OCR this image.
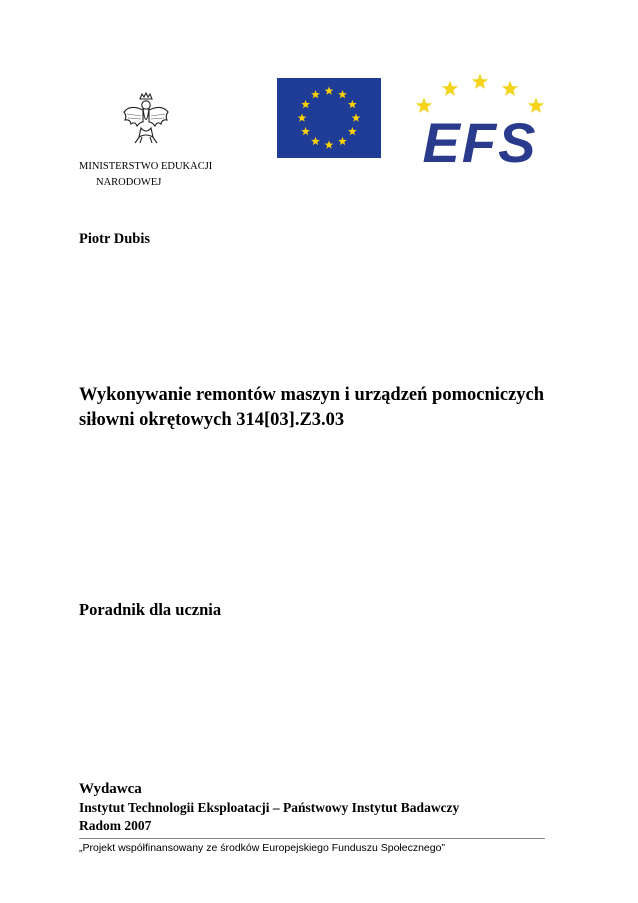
MINISTERSTWO EDUKACJI
NARODOWEJ
EFS
Piotr Dubis
Wykonywanie remontów maszyn i urządzeń pomocniczych
siłowni okrętowych 314[03].Z3.03
Poradnik dla ucznia
Wydawca
Instytut Technologii Eksploatacji – Państwowy Instytut Badawczy
Radom 2007
„Projekt współfinansowany ze środków Europejskiego Funduszu Społecznego”
